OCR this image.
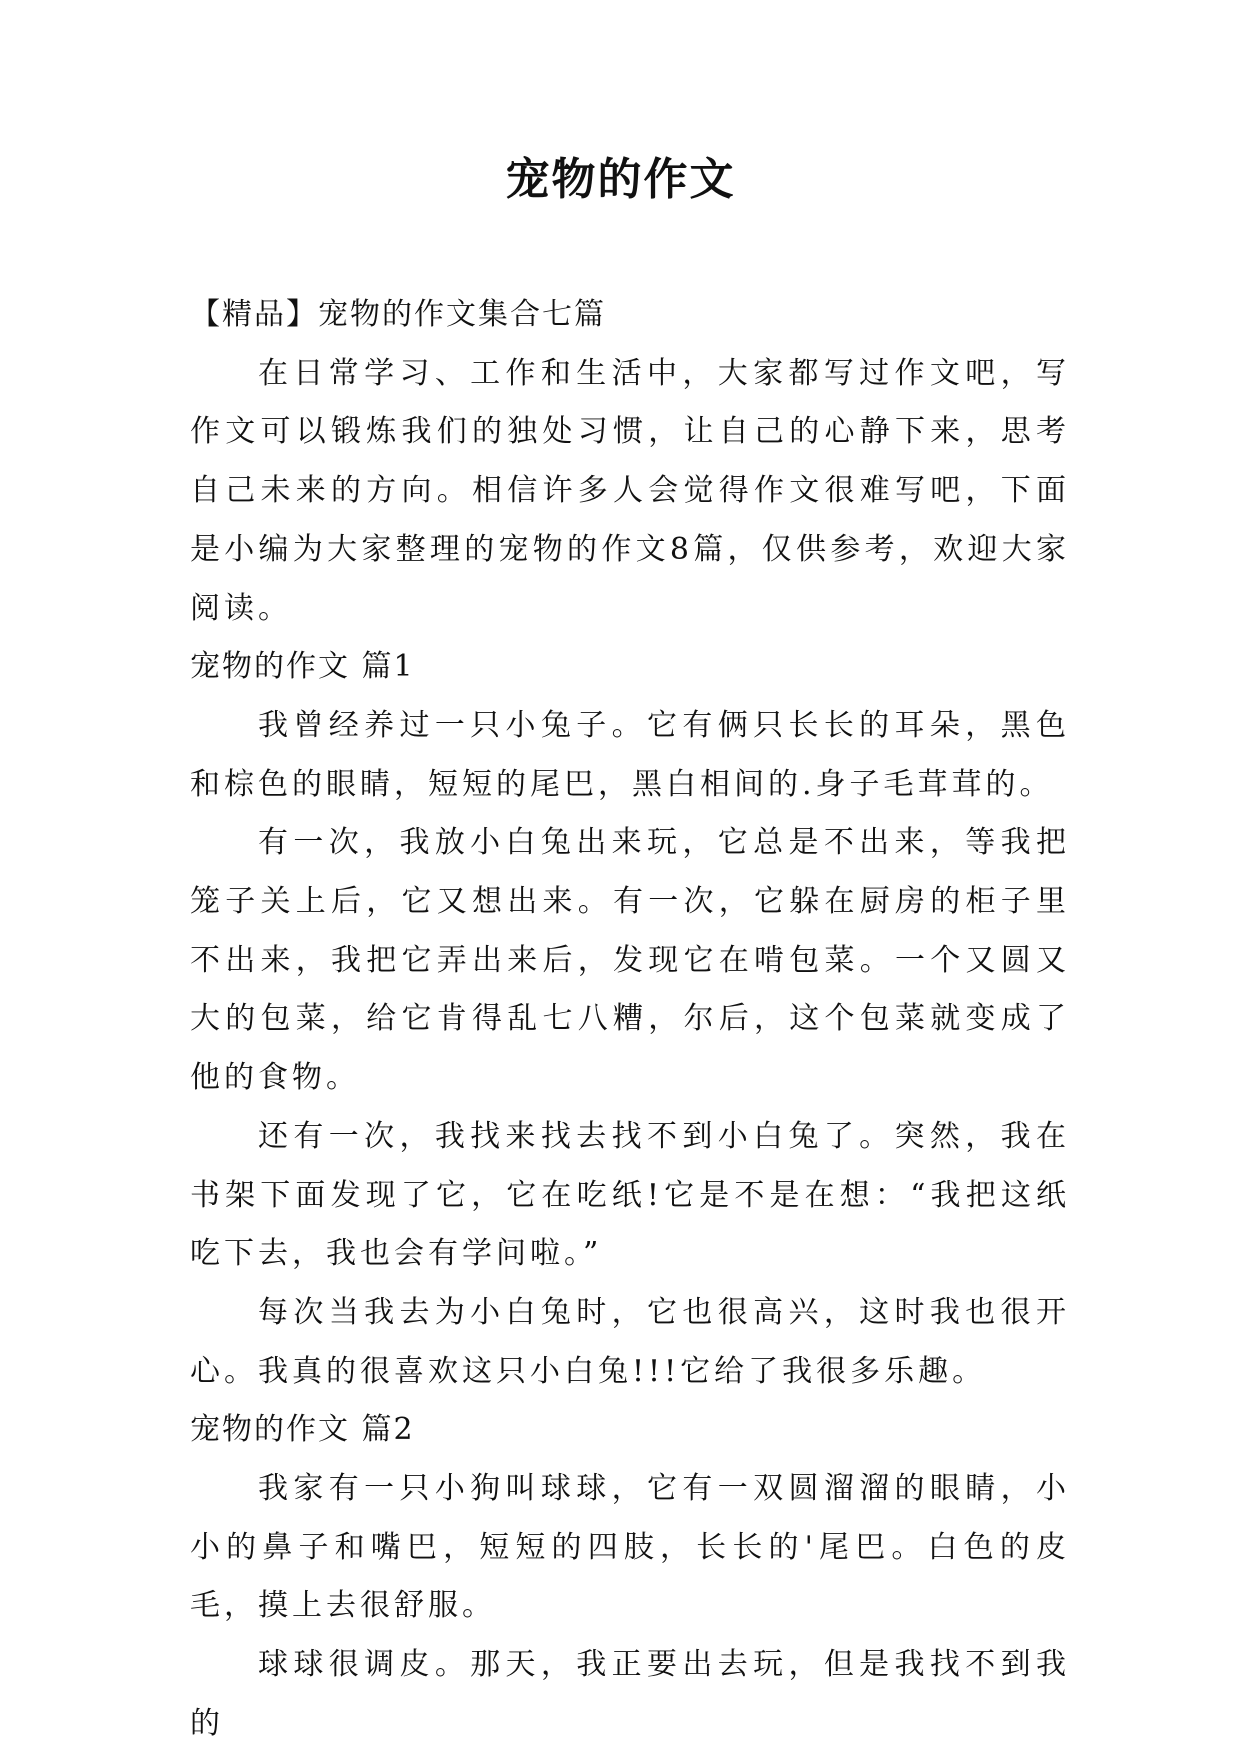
宠物的作文

【精品】宠物的作文集合七篇

在日常学习、工作和生活中，大家都写过作文吧，写作文可以锻炼我们的独处习惯，让自己的心静下来，思考自己未来的方向。相信许多人会觉得作文很难写吧，下面是小编为大家整理的宠物的作文8篇，仅供参考，欢迎大家阅读。

宠物的作文 篇1

我曾经养过一只小兔子。它有俩只长长的耳朵，黑色和棕色的眼睛，短短的尾巴，黑白相间的.身子毛茸茸的。

有一次，我放小白兔出来玩，它总是不出来，等我把笼子关上后，它又想出来。有一次，它躲在厨房的柜子里不出来，我把它弄出来后，发现它在啃包菜。一个又圆又大的包菜，给它肯得乱七八糟，尔后，这个包菜就变成了他的食物。

还有一次，我找来找去找不到小白兔了。突然，我在书架下面发现了它，它在吃纸!它是不是在想：“我把这纸吃下去，我也会有学问啦。”

每次当我去为小白兔时，它也很高兴，这时我也很开心。我真的很喜欢这只小白兔!!!它给了我很多乐趣。

宠物的作文 篇2

我家有一只小狗叫球球，它有一双圆溜溜的眼睛，小小的鼻子和嘴巴，短短的四肢，长长的'尾巴。白色的皮毛，摸上去很舒服。

球球很调皮。那天，我正要出去玩，但是我找不到我的
